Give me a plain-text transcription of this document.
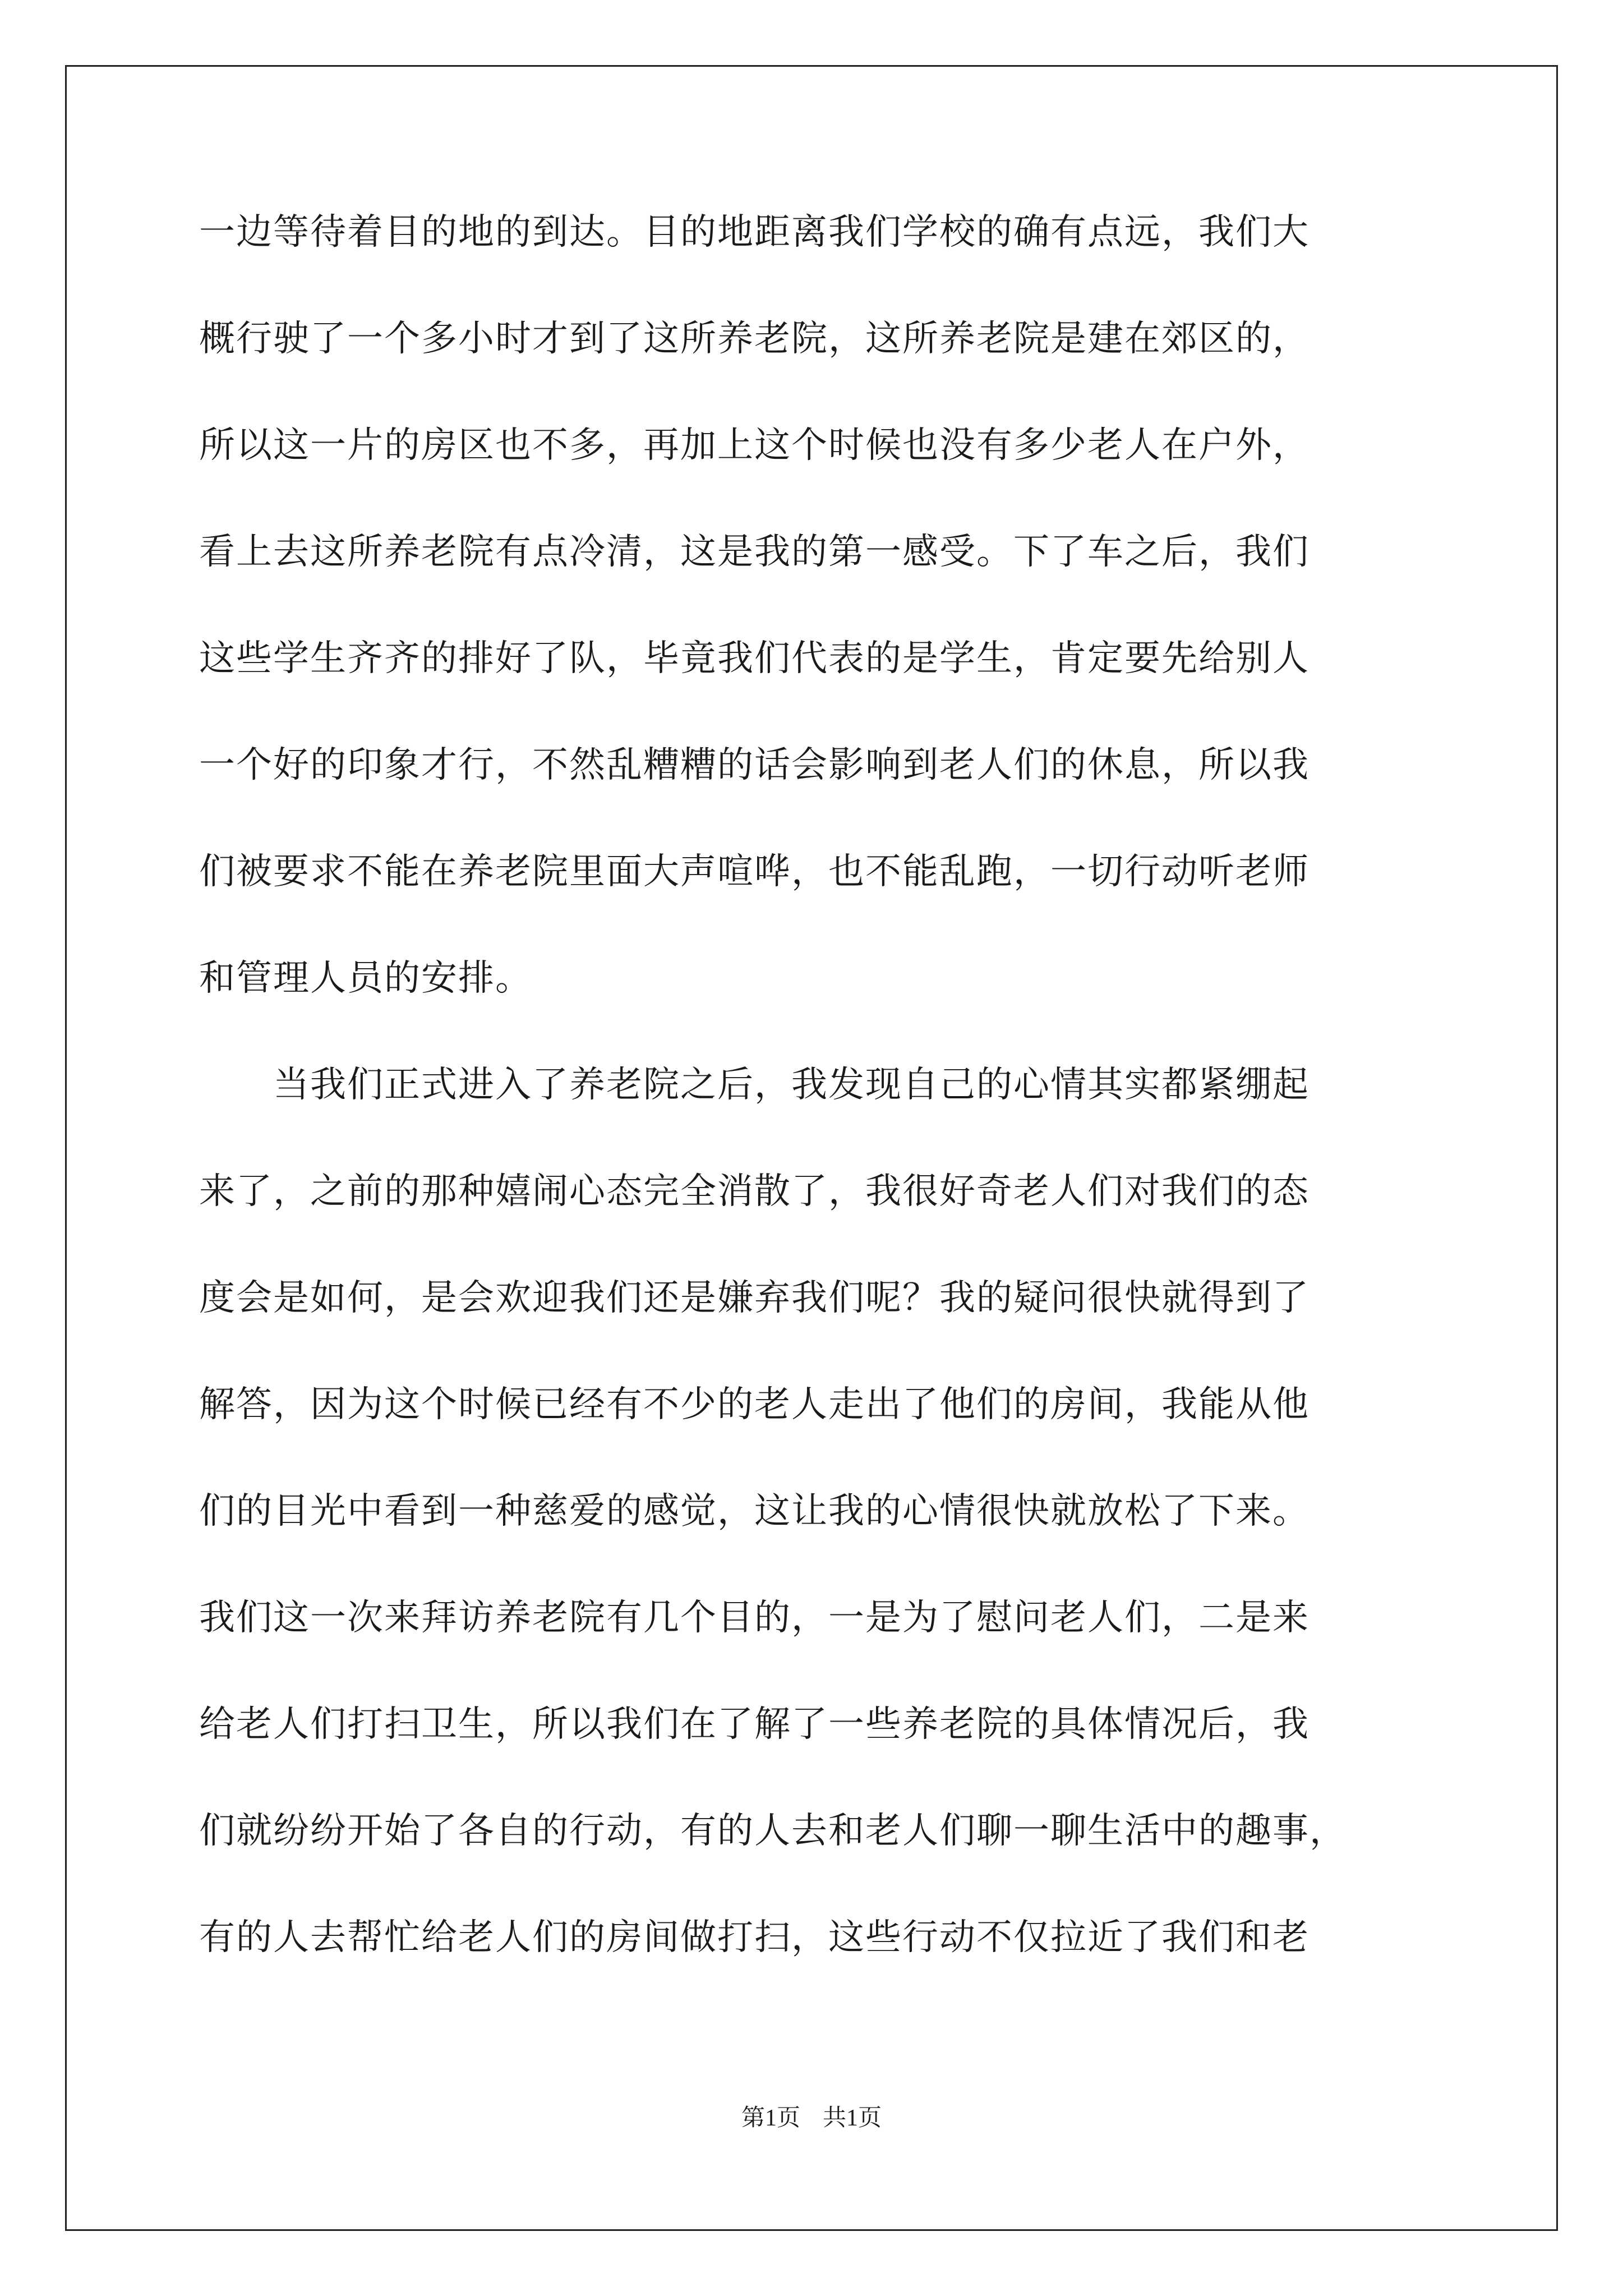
一边等待着目的地的到达。目的地距离我们学校的确有点远，我们大
概行驶了一个多小时才到了这所养老院，这所养老院是建在郊区的，
所以这一片的房区也不多，再加上这个时候也没有多少老人在户外，
看上去这所养老院有点冷清，这是我的第一感受。下了车之后，我们
这些学生齐齐的排好了队，毕竟我们代表的是学生，肯定要先给别人
一个好的印象才行，不然乱糟糟的话会影响到老人们的休息，所以我
们被要求不能在养老院里面大声喧哗，也不能乱跑，一切行动听老师
和管理人员的安排。
　　当我们正式进入了养老院之后，我发现自己的心情其实都紧绷起
来了，之前的那种嬉闹心态完全消散了，我很好奇老人们对我们的态
度会是如何，是会欢迎我们还是嫌弃我们呢？我的疑问很快就得到了
解答，因为这个时候已经有不少的老人走出了他们的房间，我能从他
们的目光中看到一种慈爱的感觉，这让我的心情很快就放松了下来。
我们这一次来拜访养老院有几个目的，一是为了慰问老人们，二是来
给老人们打扫卫生，所以我们在了解了一些养老院的具体情况后，我
们就纷纷开始了各自的行动，有的人去和老人们聊一聊生活中的趣事，
有的人去帮忙给老人们的房间做打扫，这些行动不仅拉近了我们和老
第1页 共1页
